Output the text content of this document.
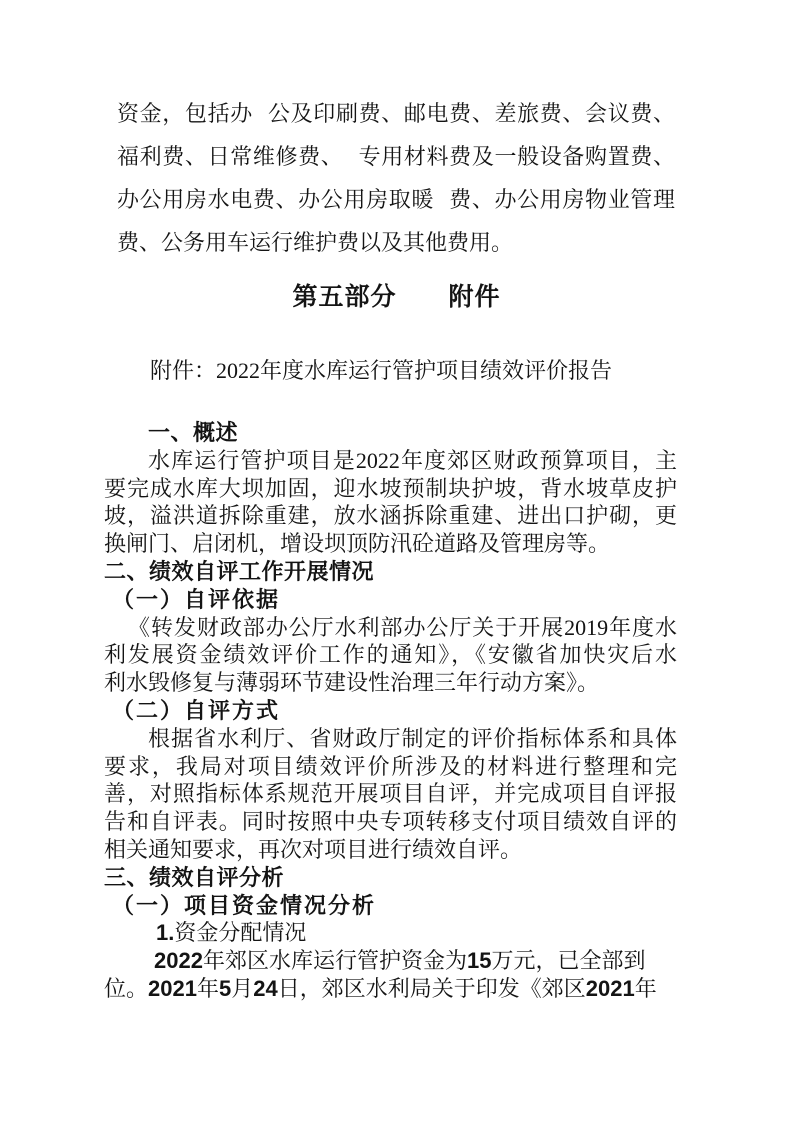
资金，包括办 公及印刷费、邮电费、差旅费、会议费、
福利费、日常维修费、 专用材料费及一般设备购置费、
办公用房水电费、办公用房取暖 费、办公用房物业管理
费、公务用车运行维护费以及其他费用。
第五部分　　附件
附件：2022年度水库运行管护项目绩效评价报告
一、概述
水库运行管护项目是2022年度郊区财政预算项目，主
要完成水库大坝加固，迎水坡预制块护坡，背水坡草皮护
坡，溢洪道拆除重建，放水涵拆除重建、进出口护砌，更
换闸门、启闭机，增设坝顶防汛砼道路及管理房等。
二、绩效自评工作开展情况
（一）自评依据
《转发财政部办公厅水利部办公厅关于开展2019年度水
利发展资金绩效评价工作的通知》，《安徽省加快灾后水
利水毁修复与薄弱环节建设性治理三年行动方案》。
（二）自评方式
根据省水利厅、省财政厅制定的评价指标体系和具体
要求，我局对项目绩效评价所涉及的材料进行整理和完
善，对照指标体系规范开展项目自评，并完成项目自评报
告和自评表。同时按照中央专项转移支付项目绩效自评的
相关通知要求，再次对项目进行绩效自评。
三、绩效自评分析
（一）项目资金情况分析
1.资金分配情况
2022年郊区水库运行管护资金为15万元，已全部到
位。2021年5月24日，郊区水利局关于印发《郊区2021年
